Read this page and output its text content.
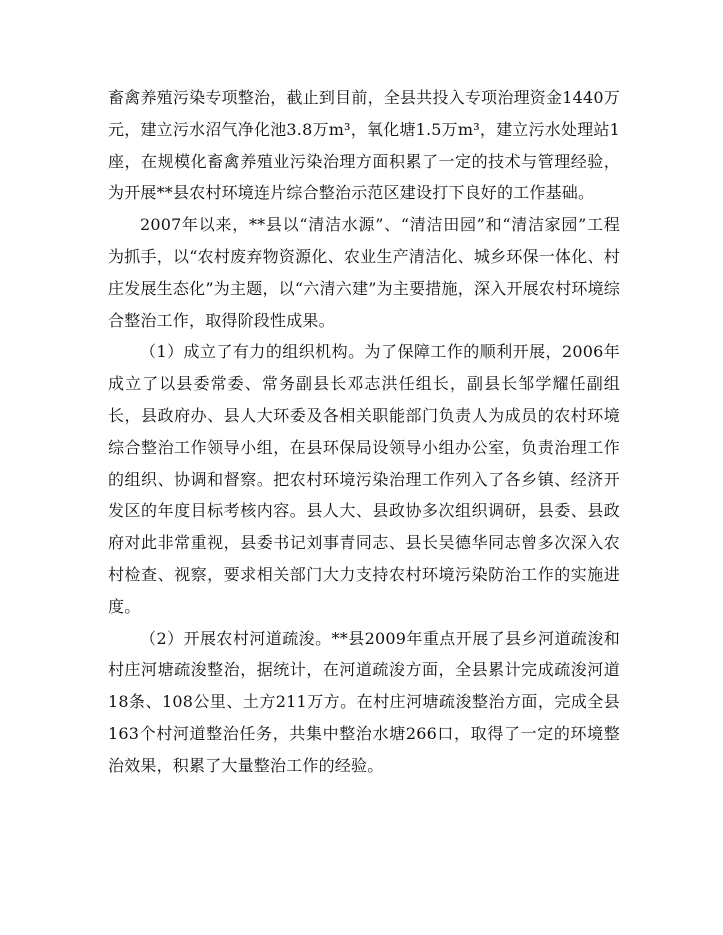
畜禽养殖污染专项整治，截止到目前，全县共投入专项治理资金1440万元，建立污水沼气净化池3.8万m³，氧化塘1.5万m³，建立污水处理站1座，在规模化畜禽养殖业污染治理方面积累了一定的技术与管理经验，为开展**县农村环境连片综合整治示范区建设打下良好的工作基础。

2007年以来，**县以“清洁水源”、“清洁田园”和“清洁家园”工程为抓手，以“农村废弃物资源化、农业生产清洁化、城乡环保一体化、村庄发展生态化”为主题，以“六清六建”为主要措施，深入开展农村环境综合整治工作，取得阶段性成果。

（1）成立了有力的组织机构。为了保障工作的顺利开展，2006年成立了以县委常委、常务副县长邓志洪任组长，副县长邹学耀任副组长，县政府办、县人大环委及各相关职能部门负责人为成员的农村环境综合整治工作领导小组，在县环保局设领导小组办公室，负责治理工作的组织、协调和督察。把农村环境污染治理工作列入了各乡镇、经济开发区的年度目标考核内容。县人大、县政协多次组织调研，县委、县政府对此非常重视，县委书记刘事青同志、县长吴德华同志曾多次深入农村检查、视察，要求相关部门大力支持农村环境污染防治工作的实施进度。

（2）开展农村河道疏浚。**县2009年重点开展了县乡河道疏浚和村庄河塘疏浚整治，据统计，在河道疏浚方面，全县累计完成疏浚河道18条、108公里、土方211万方。在村庄河塘疏浚整治方面，完成全县163个村河道整治任务，共集中整治水塘266口，取得了一定的环境整治效果，积累了大量整治工作的经验。
